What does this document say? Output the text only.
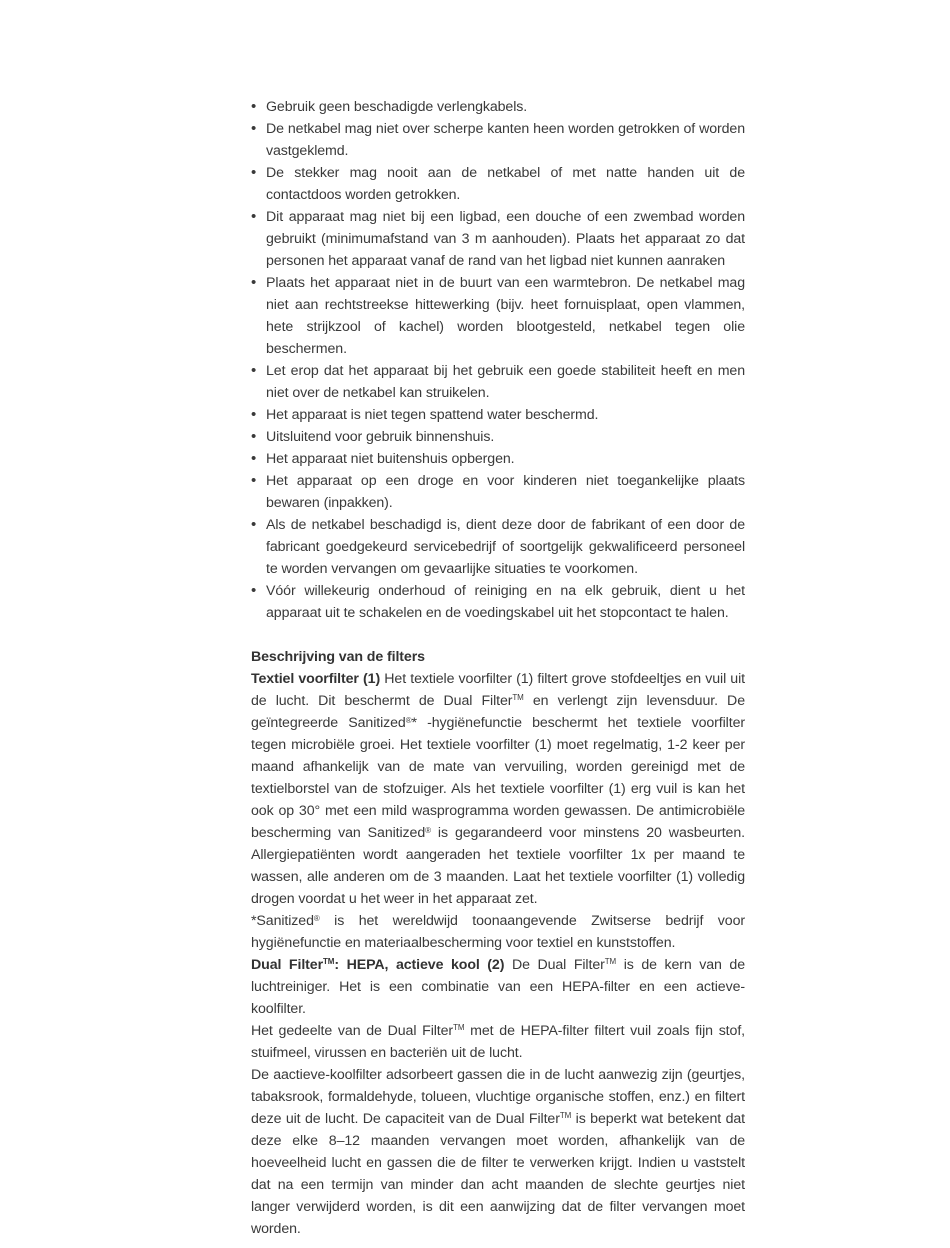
• Gebruik geen beschadigde verlengkabels.
• De netkabel mag niet over scherpe kanten heen worden getrokken of worden vastgeklemd.
• De stekker mag nooit aan de netkabel of met natte handen uit de contactdoos worden getrokken.
• Dit apparaat mag niet bij een ligbad, een douche of een zwembad worden gebruikt (minimumafstand van 3 m aanhouden). Plaats het apparaat zo dat personen het apparaat vanaf de rand van het ligbad niet kunnen aanraken
• Plaats het apparaat niet in de buurt van een warmtebron. De netkabel mag niet aan rechtstreekse hittewerking (bijv. heet fornuisplaat, open vlammen, hete strijkzool of kachel) worden blootgesteld, netkabel tegen olie beschermen.
• Let erop dat het apparaat bij het gebruik een goede stabiliteit heeft en men niet over de netkabel kan struikelen.
• Het apparaat is niet tegen spattend water beschermd.
• Uitsluitend voor gebruik binnenshuis.
• Het apparaat niet buitenshuis opbergen.
• Het apparaat op een droge en voor kinderen niet toegankelijke plaats bewaren (inpakken).
• Als de netkabel beschadigd is, dient deze door de fabrikant of een door de fabricant goedgekeurd servicebedrijf of soortgelijk gekwalificeerd personeel te worden vervangen om gevaarlijke situaties te voorkomen.
• Vóór willekeurig onderhoud of reiniging en na elk gebruik, dient u het apparaat uit te schakelen en de voedingskabel uit het stopcontact te halen.
Beschrijving van de filters

Textiel voorfilter (1) Het textiele voorfilter (1) filtert grove stofdeeltjes en vuil uit de lucht. Dit beschermt de Dual Filter™ en verlengt zijn levensduur. De geïntegreerde Sanitized®* -hygiënefunctie beschermt het textiele voorfilter tegen microbiële groei. Het textiele voorfilter (1) moet regelmatig, 1-2 keer per maand afhankelijk van de mate van vervuiling, worden gereinigd met de textielborstel van de stofzuiger. Als het textiele voorfilter (1) erg vuil is kan het ook op 30° met een mild wasprogramma worden gewassen. De antimicrobiële bescherming van Sanitized® is gegarandeerd voor minstens 20 wasbeurten. Allergiepatiënten wordt aangeraden het textiele voorfilter 1x per maand te wassen, alle anderen om de 3 maanden. Laat het textiele voorfilter (1) volledig drogen voordat u het weer in het apparaat zet.

*Sanitized® is het wereldwijd toonaangevende Zwitserse bedrijf voor hygiënefunctie en materiaalbescherming voor textiel en kunststoffen.

Dual Filter™: HEPA, actieve kool (2) De Dual Filter™ is de kern van de luchtreiniger. Het is een combinatie van een HEPA-filter en een actieve-koolfilter.

Het gedeelte van de Dual Filter™ met de HEPA-filter filtert vuil zoals fijn stof, stuifmeel, virussen en bacteriën uit de lucht.

De aactieve-koolfilter adsorbeert gassen die in de lucht aanwezig zijn (geurtjes, tabaksrook, formaldehyde, tolueen, vluchtige organische stoffen, enz.) en filtert deze uit de lucht. De capaciteit van de Dual Filter™ is beperkt wat betekent dat deze elke 8–12 maanden vervangen moet worden, afhankelijk van de hoeveelheid lucht en gassen die de filter te verwerken krijgt. Indien u vaststelt dat na een termijn van minder dan acht maanden de slechte geurtjes niet langer verwijderd worden, is dit een aanwijzing dat de filter vervangen moet worden.
